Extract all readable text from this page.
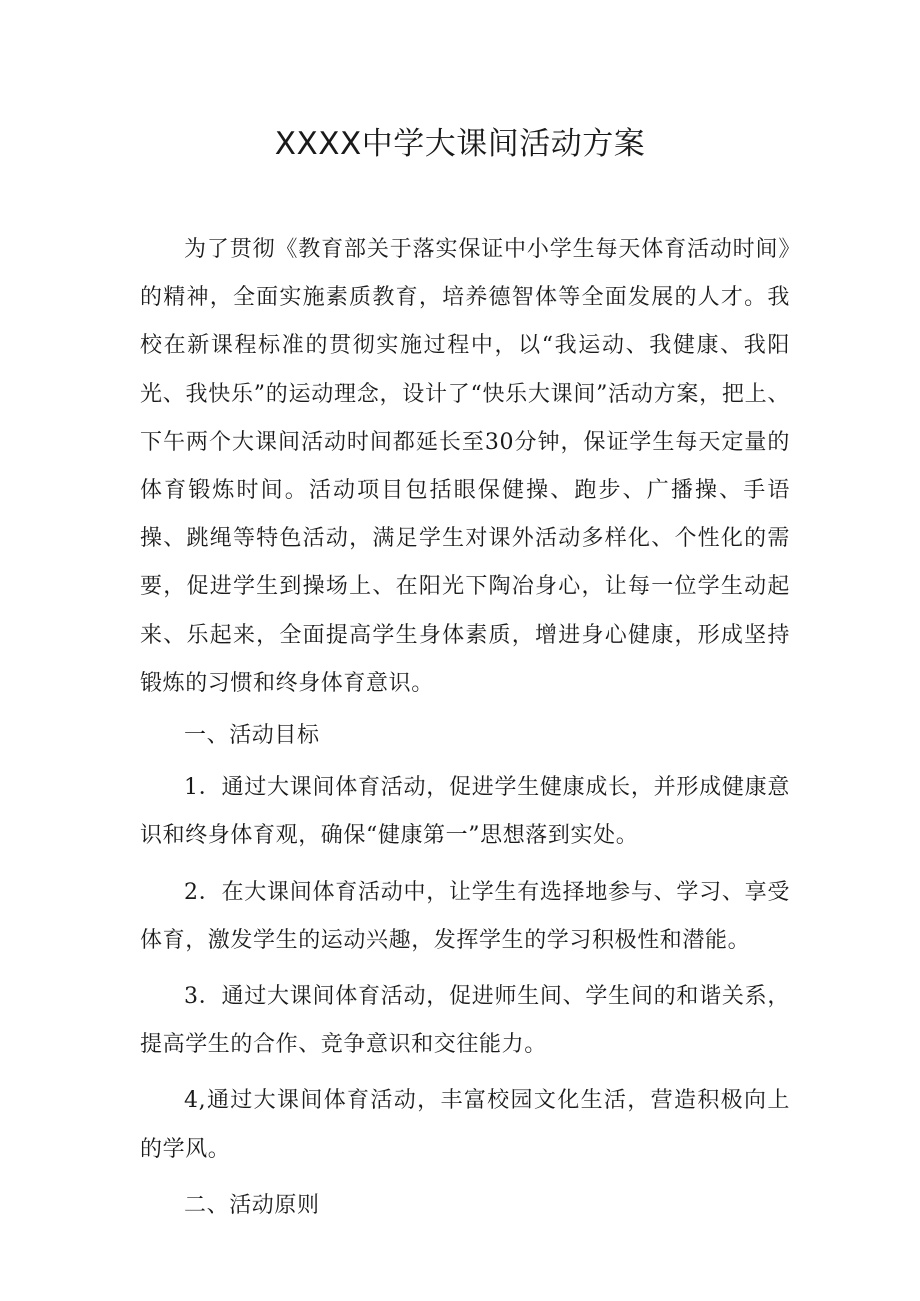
XXXX中学大课间活动方案

为了贯彻《教育部关于落实保证中小学生每天体育活动时间》的精神，全面实施素质教育，培养德智体等全面发展的人才。我校在新课程标准的贯彻实施过程中，以“我运动、我健康、我阳光、我快乐”的运动理念，设计了“快乐大课间”活动方案，把上、下午两个大课间活动时间都延长至30分钟，保证学生每天定量的体育锻炼时间。活动项目包括眼保健操、跑步、广播操、手语操、跳绳等特色活动，满足学生对课外活动多样化、个性化的需要，促进学生到操场上、在阳光下陶冶身心，让每一位学生动起来、乐起来，全面提高学生身体素质，增进身心健康，形成坚持锻炼的习惯和终身体育意识。

一、活动目标

1．通过大课间体育活动，促进学生健康成长，并形成健康意识和终身体育观，确保“健康第一”思想落到实处。

2．在大课间体育活动中，让学生有选择地参与、学习、享受体育，激发学生的运动兴趣，发挥学生的学习积极性和潜能。

3．通过大课间体育活动，促进师生间、学生间的和谐关系，提高学生的合作、竞争意识和交往能力。

4,通过大课间体育活动，丰富校园文化生活，营造积极向上的学风。

二、活动原则
